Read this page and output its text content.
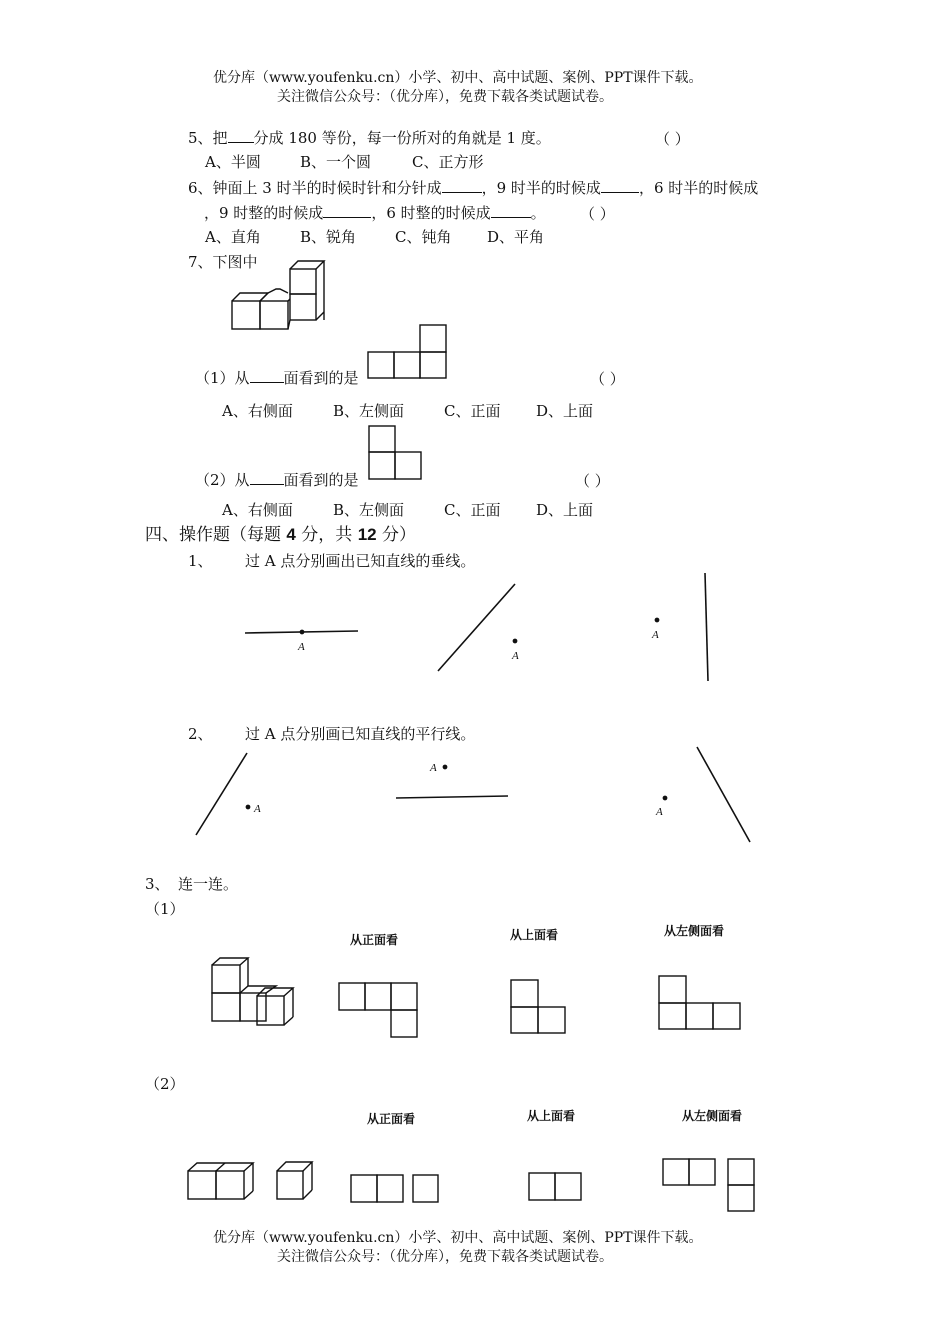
优分库（www.youfenku.cn）小学、初中、高中试题、案例、PPT课件下载。
关注微信公众号：（优分库），免费下载各类试题试卷。
5、把 分成 180 等份，每一份所对的角就是 1 度。	（ ）
A、半圆	B、一个圆	C、正方形
6、钟面上 3 时半的时候时针和分针成	，9 时半的时候成	，6 时半的时候成
，9 时整的时候成	，6 时整的时候成	。 （ ）
A、直角	B、锐角	C、钝角 D、平角
7、下图中
（1）从 面看到的是	（ ）
A、右侧面	B、左侧面	C、正面 D、上面
（2）从 面看到的是	（ ）
A、右侧面	B、左侧面	C、正面 D、上面
四、操作题（每题 4 分，共 12 分）
1、 过 A 点分别画出已知直线的垂线。
A
A
A
2、 过 A 点分别画已知直线的平行线。
A
A
A
3、 连一连。
（1）
从正面看	从上面看	从左侧面看
（2）
从正面看	从上面看	从左侧面看
优分库（www.youfenku.cn）小学、初中、高中试题、案例、PPT课件下载。
关注微信公众号：（优分库），免费下载各类试题试卷。
